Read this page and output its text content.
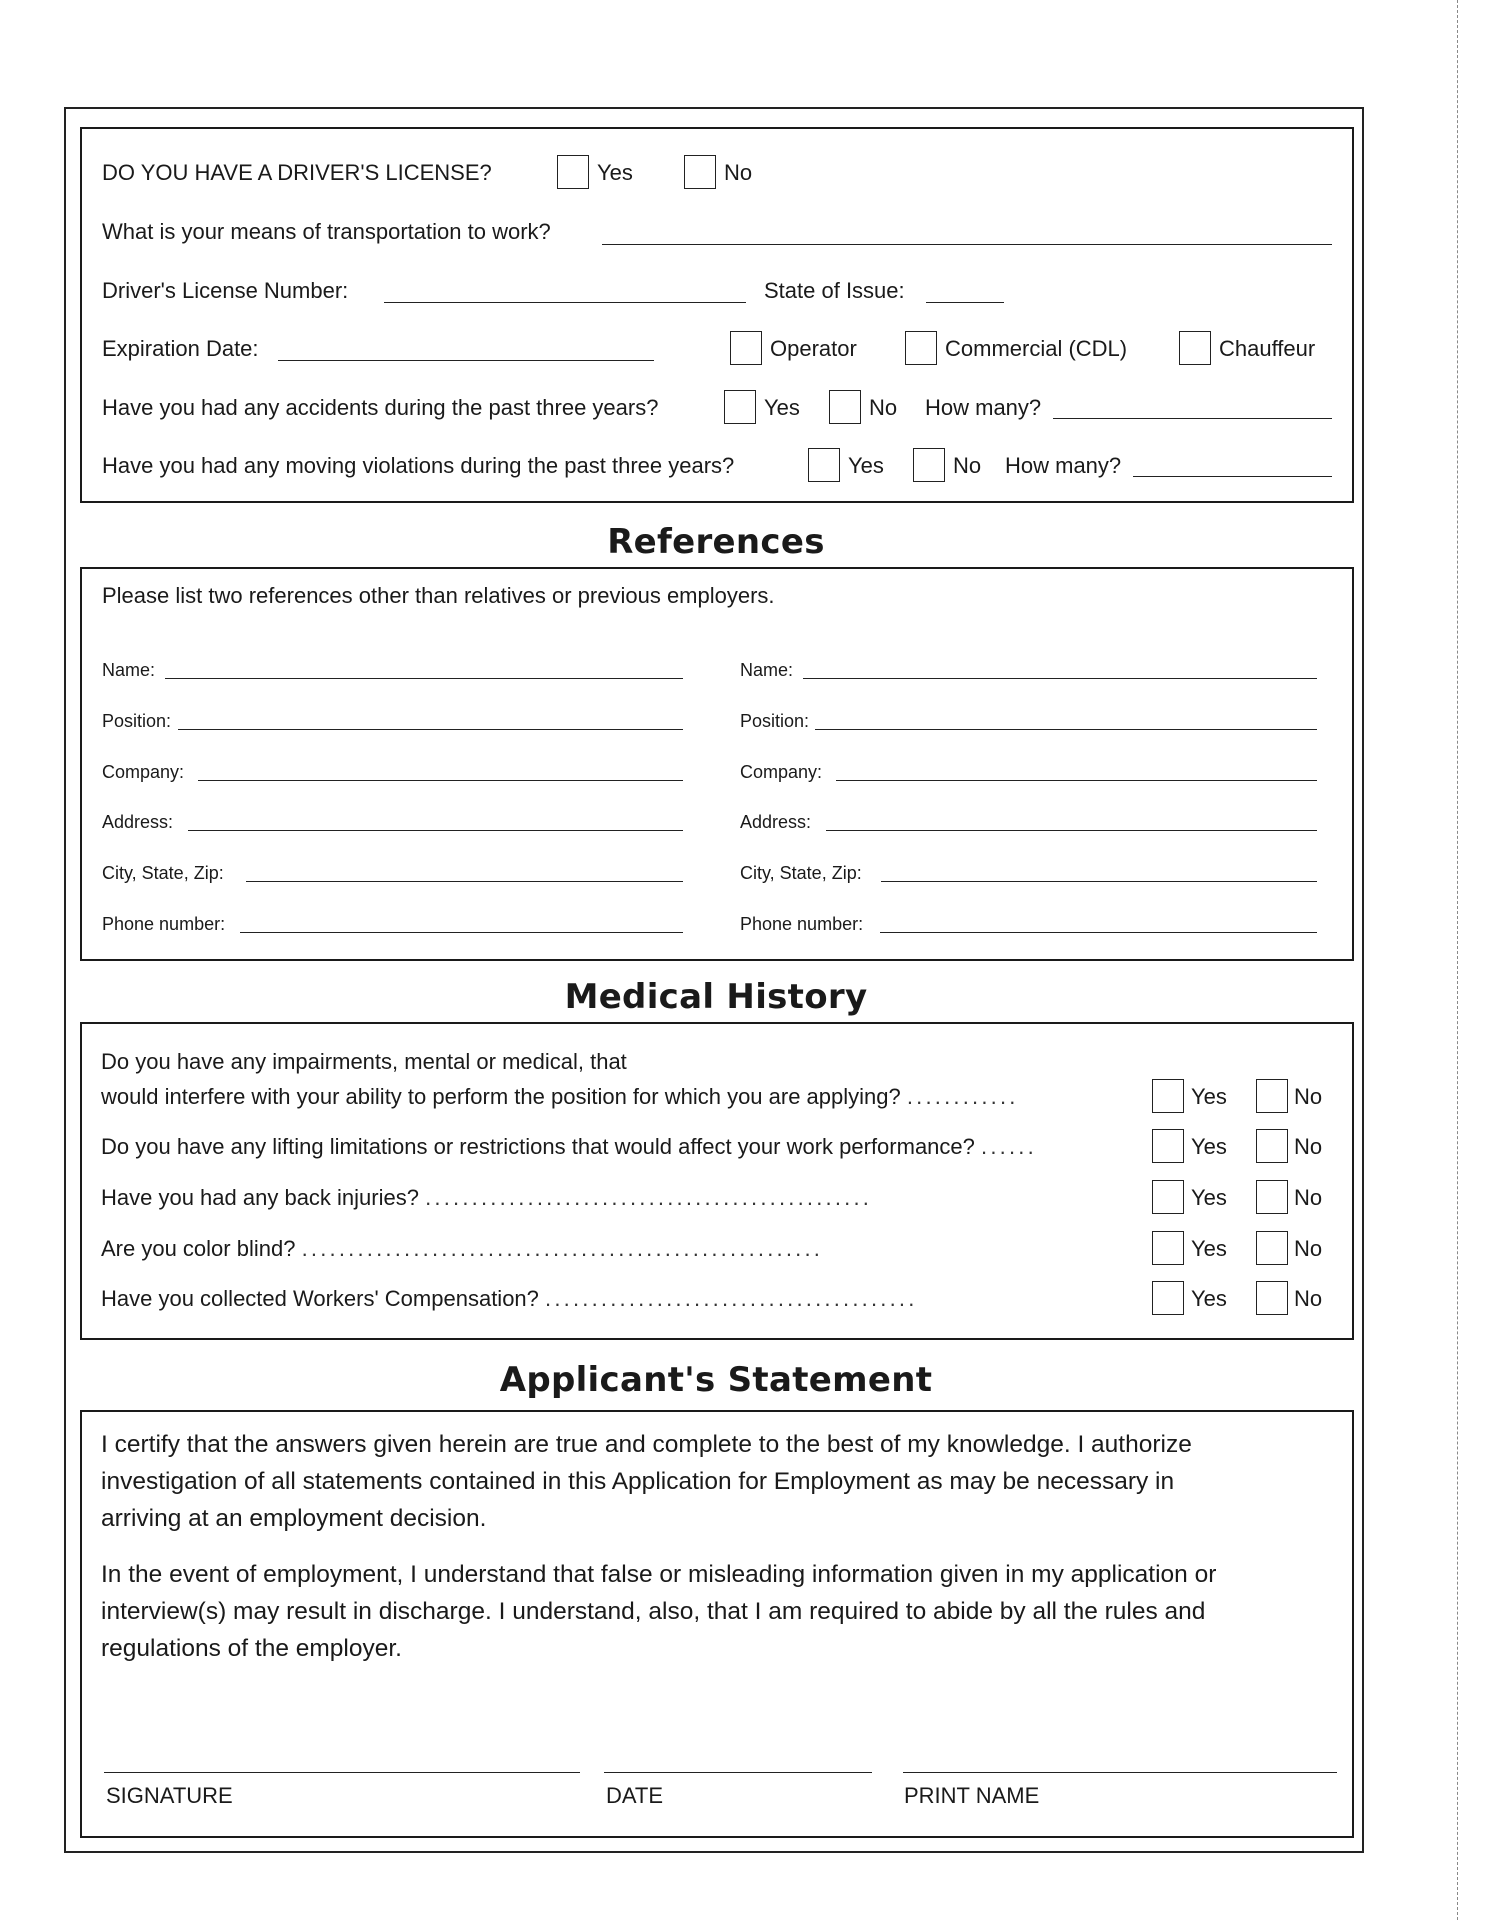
DO YOU HAVE A DRIVER'S LICENSE?	Yes	No
What is your means of transportation to work?
Driver's License Number:	State of Issue:
Expiration Date:	Operator	Commercial (CDL)	Chauffeur
Have you had any accidents during the past three years?	Yes	No How many?
Have you had any moving violations during the past three years?	Yes	No How many?
References
Please list two references other than relatives or previous employers.
Name:
Position:
Company:
Address:
City, State, Zip:
Phone number:
Name:
Position:
Company:
Address:
City, State, Zip:
Phone number:
Medical History
Do you have any impairments, mental or medical, that
would interfere with your ability to perform the position for which you are applying? ............	Yes	No
Do you have any lifting limitations or restrictions that would affect your work performance? ......	Yes	No
Have you had any back injuries? ................................................	Yes	No
Are you color blind? ........................................................	Yes	No
Have you collected Workers' Compensation? ........................................	Yes	No
Applicant's Statement
I certify that the answers given herein are true and complete to the best of my knowledge. I authorize
investigation of all statements contained in this Application for Employment as may be necessary in
arriving at an employment decision.
In the event of employment, I understand that false or misleading information given in my application or
interview(s) may result in discharge. I understand, also, that I am required to abide by all the rules and
regulations of the employer.
SIGNATURE	DATE	PRINT NAME
